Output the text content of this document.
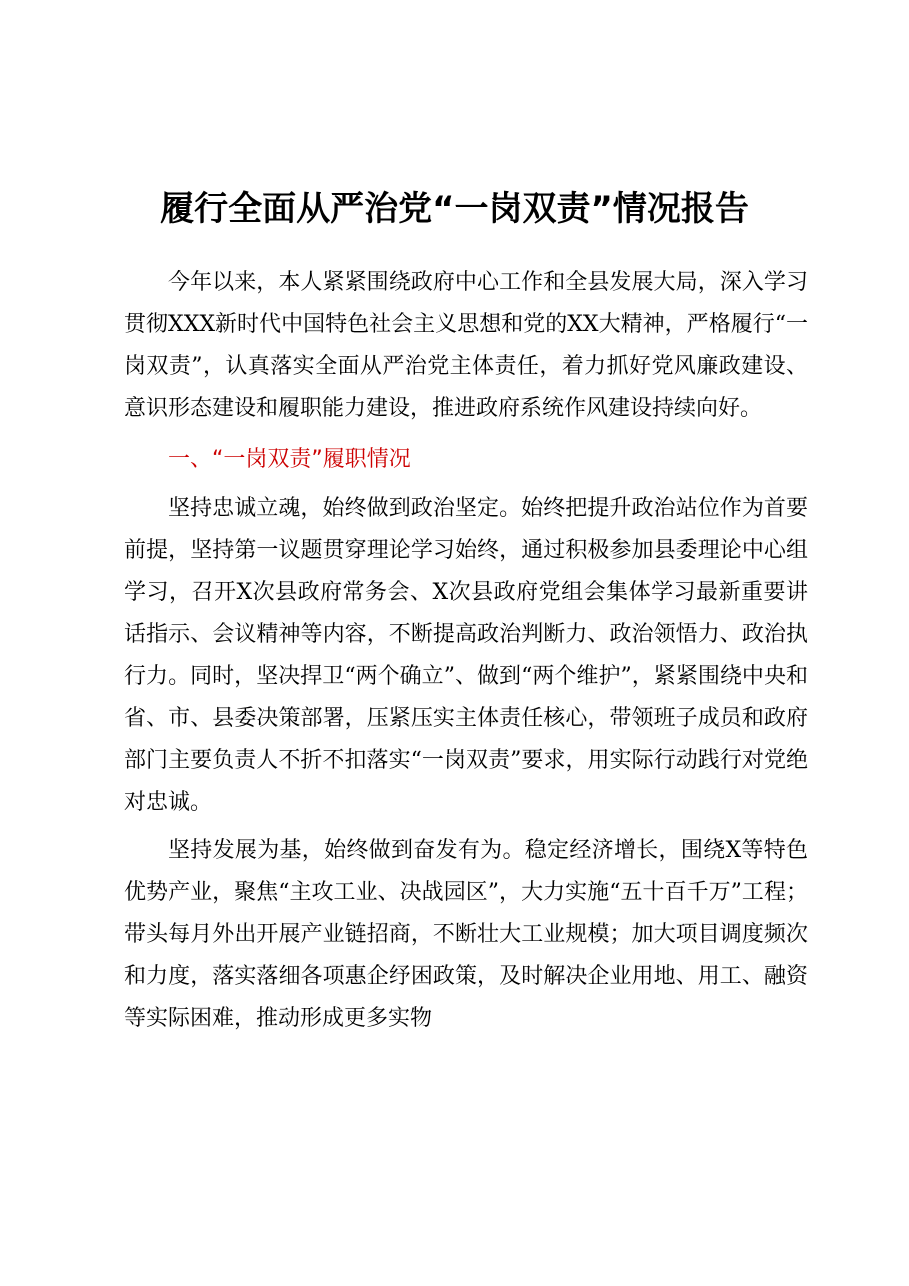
履行全面从严治党“一岗双责”情况报告

今年以来，本人紧紧围绕政府中心工作和全县发展大局，深入学习贯彻XXX新时代中国特色社会主义思想和党的XX大精神，严格履行“一岗双责”，认真落实全面从严治党主体责任，着力抓好党风廉政建设、意识形态建设和履职能力建设，推进政府系统作风建设持续向好。

一、“一岗双责”履职情况

坚持忠诚立魂，始终做到政治坚定。始终把提升政治站位作为首要前提，坚持第一议题贯穿理论学习始终，通过积极参加县委理论中心组学习，召开X次县政府常务会、X次县政府党组会集体学习最新重要讲话指示、会议精神等内容，不断提高政治判断力、政治领悟力、政治执行力。同时，坚决捍卫“两个确立”、做到“两个维护”，紧紧围绕中央和省、市、县委决策部署，压紧压实主体责任核心，带领班子成员和政府部门主要负责人不折不扣落实“一岗双责”要求，用实际行动践行对党绝对忠诚。

坚持发展为基，始终做到奋发有为。稳定经济增长，围绕X等特色优势产业，聚焦“主攻工业、决战园区”，大力实施“五十百千万”工程；带头每月外出开展产业链招商，不断壮大工业规模；加大项目调度频次和力度，落实落细各项惠企纾困政策，及时解决企业用地、用工、融资等实际困难，推动形成更多实物
